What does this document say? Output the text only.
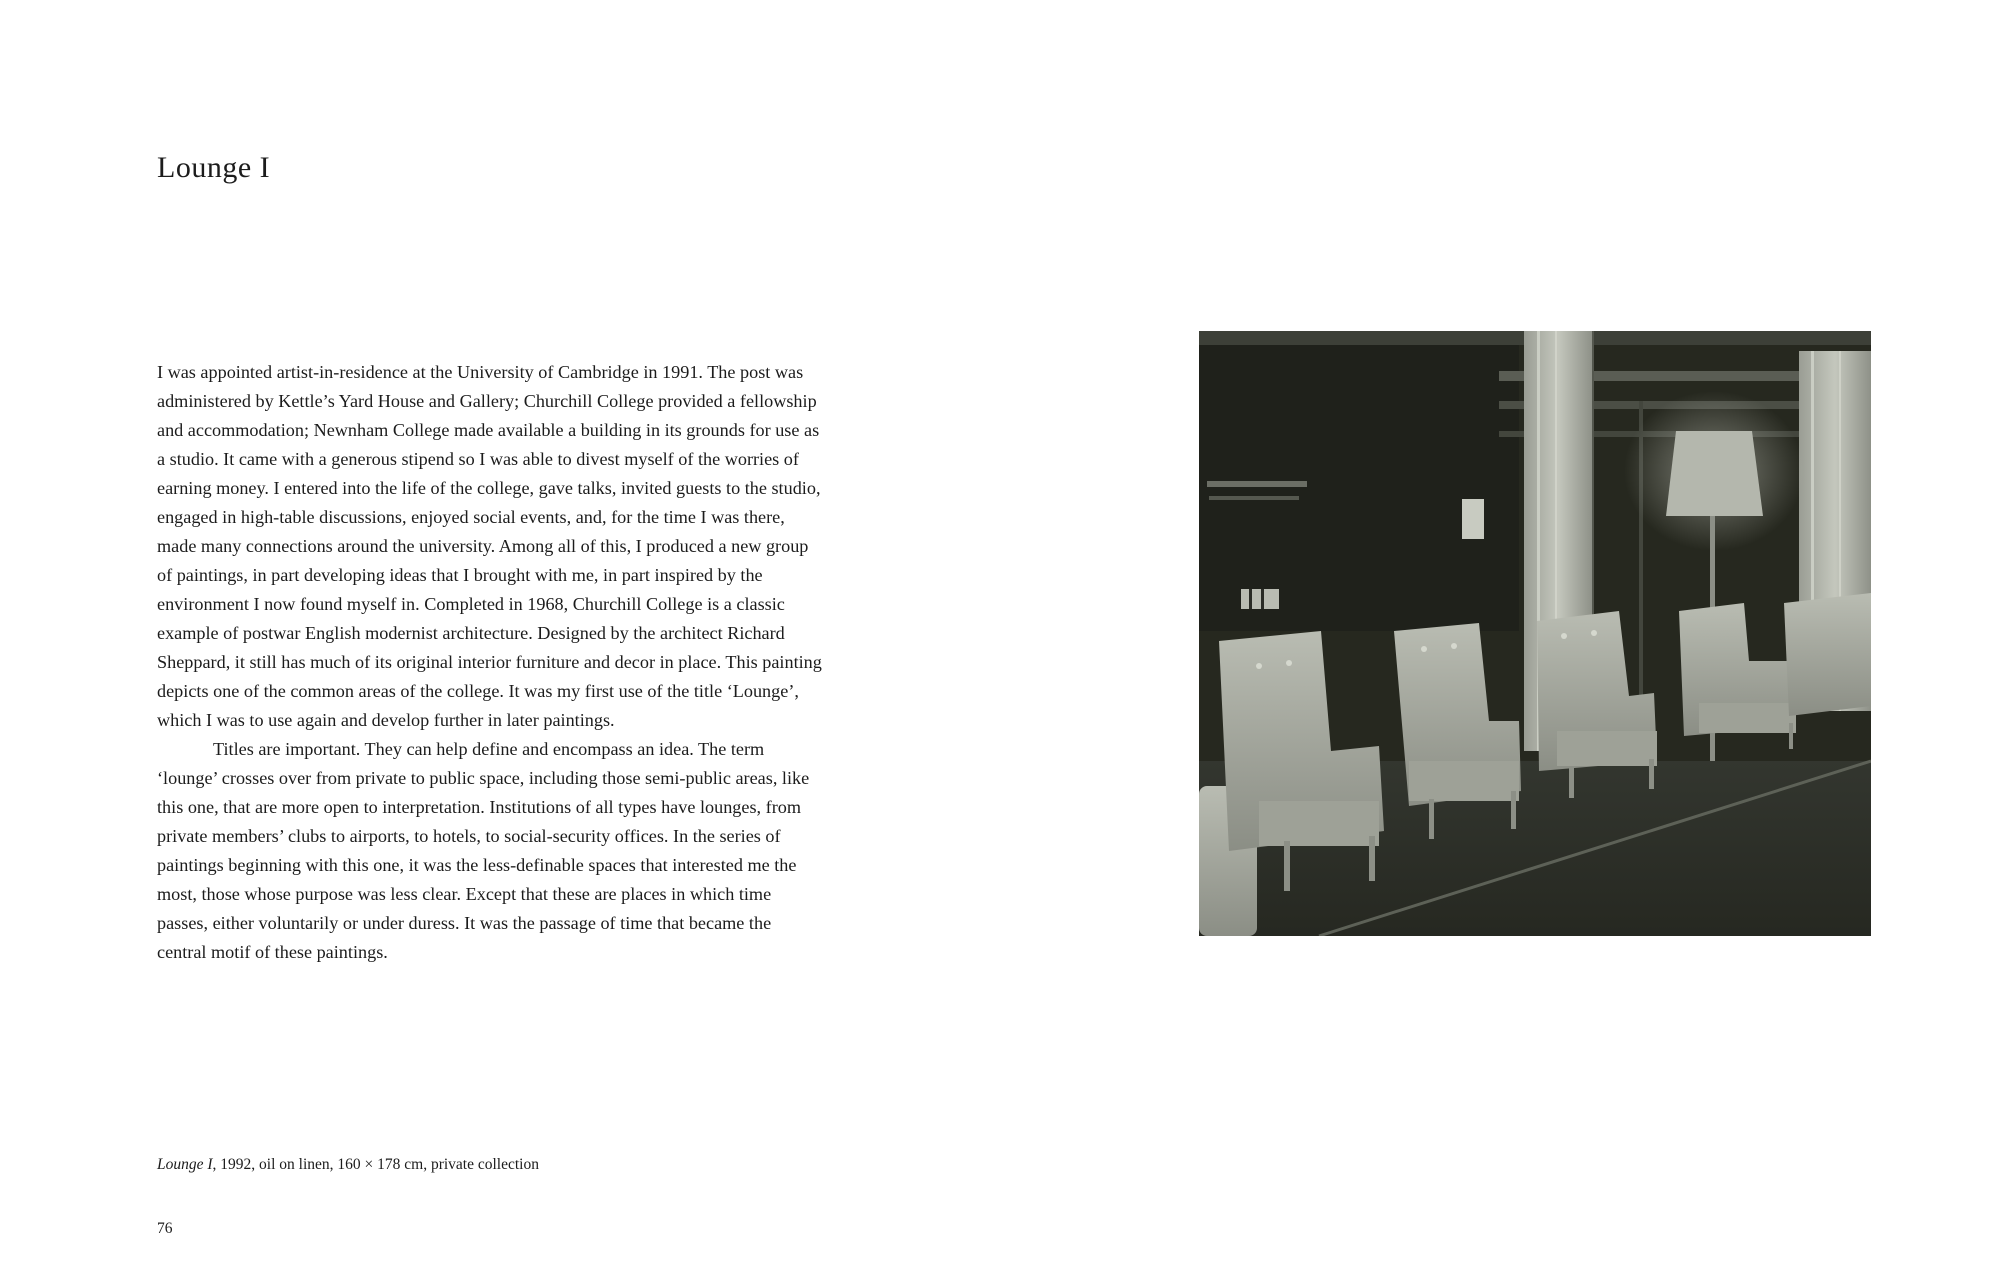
Lounge I

I was appointed artist-in-residence at the University of Cambridge in 1991. The post was administered by Kettle’s Yard House and Gallery; Churchill College provided a fellowship and accommodation; Newnham College made available a building in its grounds for use as a studio. It came with a generous stipend so I was able to divest myself of the worries of earning money. I entered into the life of the college, gave talks, invited guests to the studio, engaged in high-table discussions, enjoyed social events, and, for the time I was there, made many connections around the university. Among all of this, I produced a new group of paintings, in part developing ideas that I brought with me, in part inspired by the environment I now found myself in. Completed in 1968, Churchill College is a classic example of postwar English modernist architecture. Designed by the architect Richard Sheppard, it still has much of its original interior furniture and decor in place. This painting depicts one of the common areas of the college. It was my first use of the title ‘Lounge’, which I was to use again and develop further in later paintings.

Titles are important. They can help define and encompass an idea. The term ‘lounge’ crosses over from private to public space, including those semi-public areas, like this one, that are more open to interpretation. Institutions of all types have lounges, from private members’ clubs to airports, to hotels, to social-security offices. In the series of paintings beginning with this one, it was the less-definable spaces that interested me the most, those whose purpose was less clear. Except that these are places in which time passes, either voluntarily or under duress. It was the passage of time that became the central motif of these paintings.

Lounge I, 1992, oil on linen, 160 × 178 cm, private collection
76
